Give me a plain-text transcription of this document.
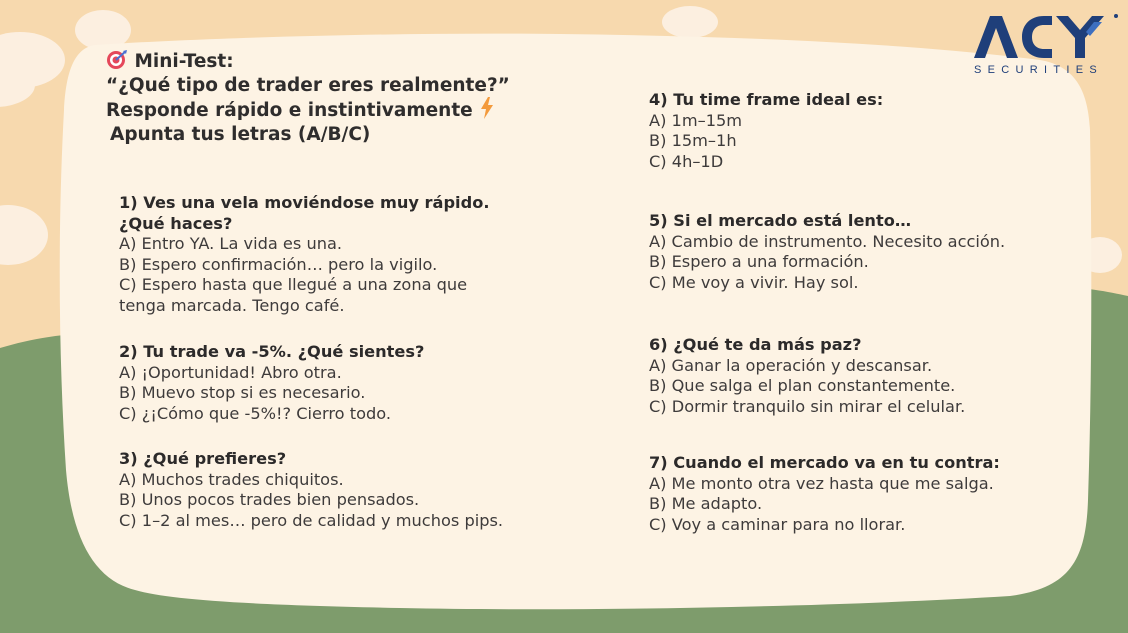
SECURITIES
Mini-Test:
“¿Qué tipo de trader eres realmente?”
Responde rápido e instintivamente
Apunta tus letras (A/B/C)
1) Ves una vela moviéndose muy rápido.
¿Qué haces?
A) Entro YA. La vida es una.
B) Espero confirmación… pero la vigilo.
C) Espero hasta que llegué a una zona que
tenga marcada. Tengo café.
2) Tu trade va -5%. ¿Qué sientes?
A) ¡Oportunidad! Abro otra.
B) Muevo stop si es necesario.
C) ¿¡Cómo que -5%!? Cierro todo.
3) ¿Qué prefieres?
A) Muchos trades chiquitos.
B) Unos pocos trades bien pensados.
C) 1–2 al mes… pero de calidad y muchos pips.
4) Tu time frame ideal es:
A) 1m–15m
B) 15m–1h
C) 4h–1D
5) Si el mercado está lento…
A) Cambio de instrumento. Necesito acción.
B) Espero a una formación.
C) Me voy a vivir. Hay sol.
6) ¿Qué te da más paz?
A) Ganar la operación y descansar.
B) Que salga el plan constantemente.
C) Dormir tranquilo sin mirar el celular.
7) Cuando el mercado va en tu contra:
A) Me monto otra vez hasta que me salga.
B) Me adapto.
C) Voy a caminar para no llorar.
